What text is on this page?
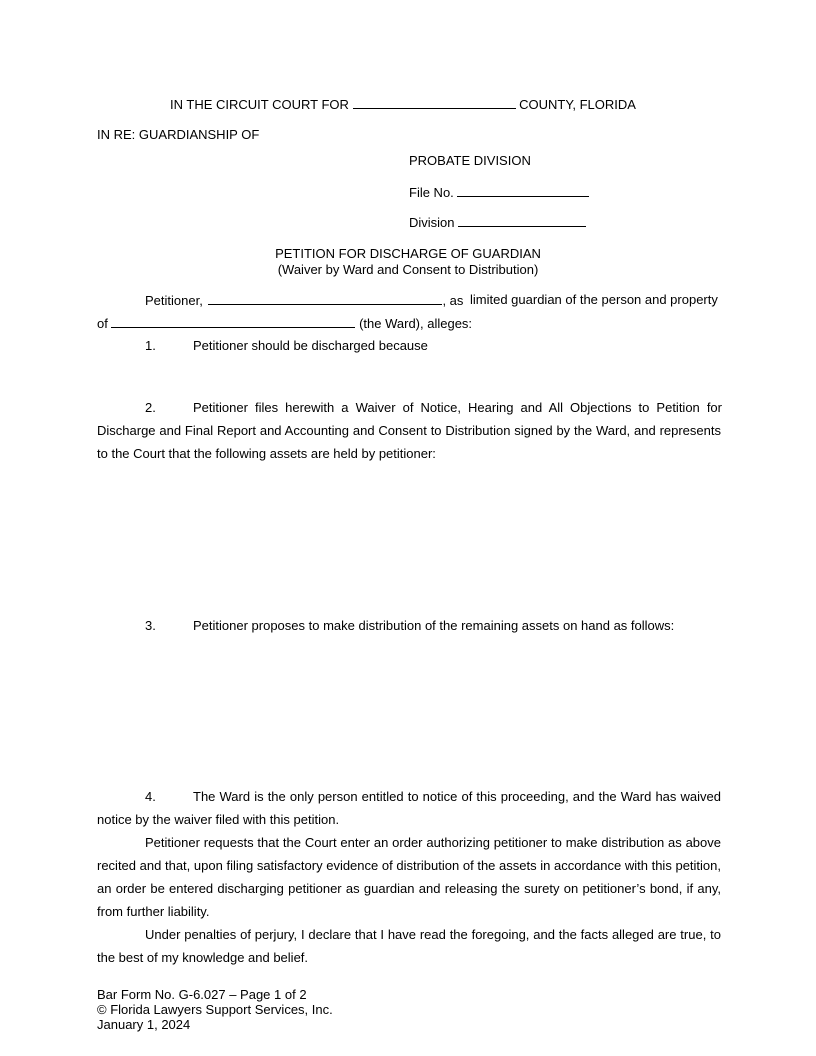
IN THE CIRCUIT COURT FOR	COUNTY, FLORIDA
IN RE: GUARDIANSHIP OF
PROBATE DIVISION
File No.
Division
PETITION FOR DISCHARGE OF GUARDIAN
(Waiver by Ward and Consent to Distribution)
Petitioner,	, as limited guardian of the person and property
of	(the Ward), alleges:
1.	Petitioner should be discharged because
2.	Petitioner files herewith a Waiver of Notice, Hearing and All Objections to Petition for
Discharge and Final Report and Accounting and Consent to Distribution signed by the Ward, and represents to the Court that the following assets are held by petitioner:
3.	Petitioner proposes to make distribution of the remaining assets on hand as follows:
4.	The Ward is the only person entitled to notice of this proceeding, and the Ward has waived
notice by the waiver filed with this petition.
Petitioner requests that the Court enter an order authorizing petitioner to make distribution as above recited and that, upon filing satisfactory evidence of distribution of the assets in accordance with this petition, an order be entered discharging petitioner as guardian and releasing the surety on petitioner’s bond, if any, from further liability.
Under penalties of perjury, I declare that I have read the foregoing, and the facts alleged are true, to the best of my knowledge and belief.
Bar Form No. G-6.027 – Page 1 of 2
© Florida Lawyers Support Services, Inc.
January 1, 2024
